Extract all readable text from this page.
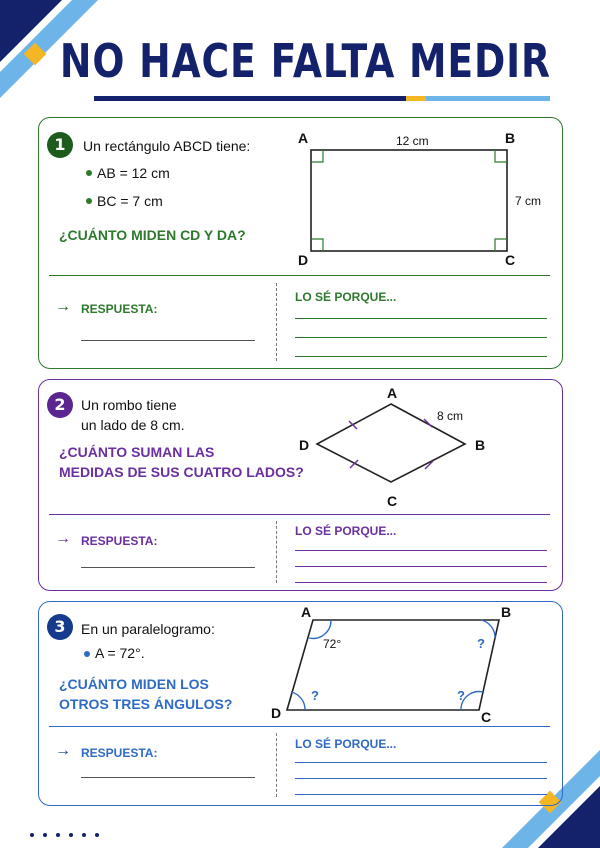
NO HACE FALTA MEDIR
1	Un rectángulo ABCD tiene:
AB = 12 cm
BC = 7 cm
¿CUÁNTO MIDEN CD Y DA?
A	B
C
D
12 cm
7 cm
→ RESPUESTA:
LO SÉ PORQUE...
2	Un rombo tiene
un lado de 8 cm.
¿CUÁNTO SUMAN LAS
MEDIDAS DE SUS CUATRO LADOS?
A
B
C
D
8 cm
→ RESPUESTA:
LO SÉ PORQUE...
3	En un paralelogramo:
A = 72°.
¿CUÁNTO MIDEN LOS
OTROS TRES ÁNGULOS?
A	B
C
D
72°	?
?
?
→ RESPUESTA:
LO SÉ PORQUE...
